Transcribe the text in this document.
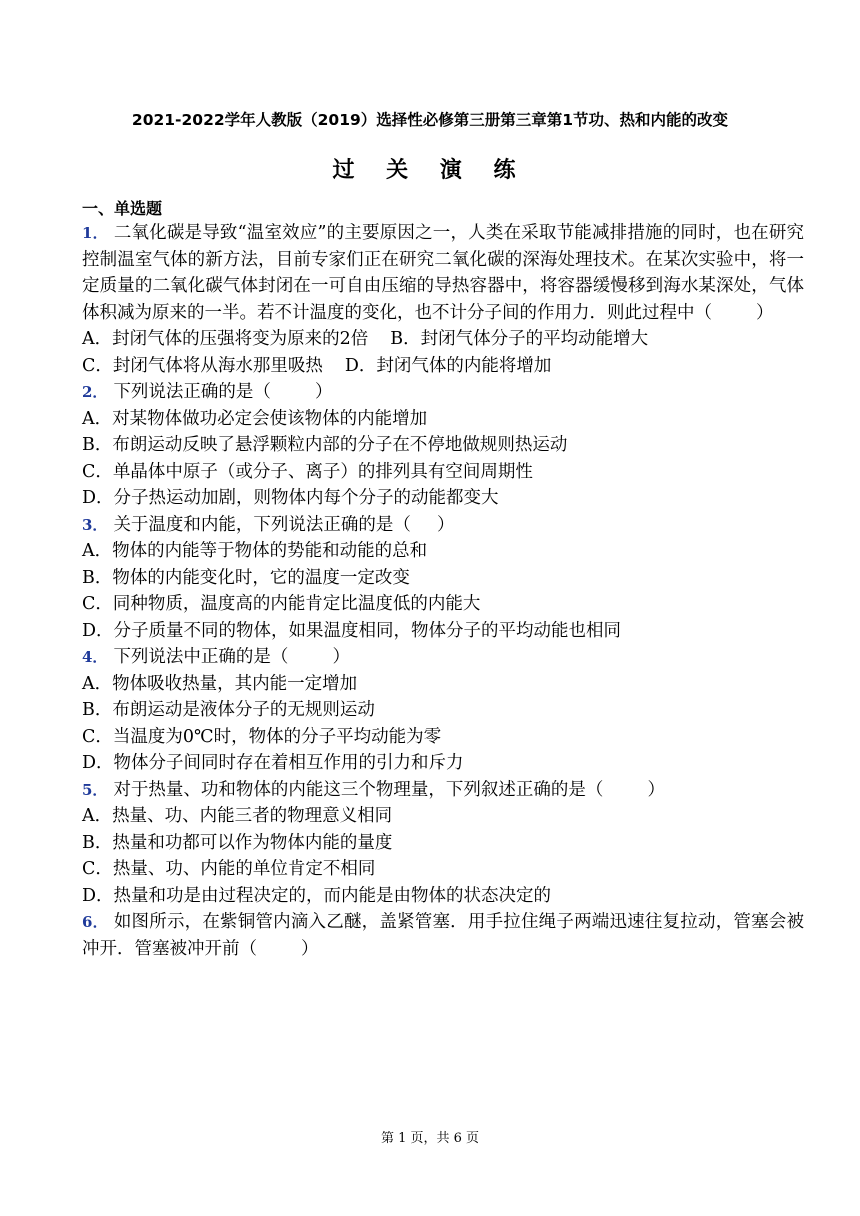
2021-2022学年人教版（2019）选择性必修第三册第三章第1节功、热和内能的改变
过 关 演 练
一、单选题

1． 二氧化碳是导致“温室效应”的主要原因之一，人类在采取节能减排措施的同时，也在研究控制温室气体的新方法，目前专家们正在研究二氧化碳的深海处理技术。在某次实验中，将一定质量的二氧化碳气体封闭在一可自由压缩的导热容器中，将容器缓慢移到海水某深处，气体体积减为原来的一半。若不计温度的变化，也不计分子间的作用力．则此过程中（	）

A．封闭气体的压强将变为原来的2倍 B．封闭气体分子的平均动能增大
C．封闭气体将从海水那里吸热 D．封闭气体的内能将增加

2． 下列说法正确的是（	）

A．对某物体做功必定会使该物体的内能增加

B．布朗运动反映了悬浮颗粒内部的分子在不停地做规则热运动

C．单晶体中原子（或分子、离子）的排列具有空间周期性

D．分子热运动加剧，则物体内每个分子的动能都变大

3． 关于温度和内能，下列说法正确的是（ ）

A．物体的内能等于物体的势能和动能的总和

B．物体的内能变化时，它的温度一定改变

C．同种物质，温度高的内能肯定比温度低的内能大

D．分子质量不同的物体，如果温度相同，物体分子的平均动能也相同

4． 下列说法中正确的是（	）

A．物体吸收热量，其内能一定增加

B．布朗运动是液体分子的无规则运动

C．当温度为0℃时，物体的分子平均动能为零

D．物体分子间同时存在着相互作用的引力和斥力

5． 对于热量、功和物体的内能这三个物理量，下列叙述正确的是（	）

A．热量、功、内能三者的物理意义相同

B．热量和功都可以作为物体内能的量度

C．热量、功、内能的单位肯定不相同

D．热量和功是由过程决定的，而内能是由物体的状态决定的

6． 如图所示，在紫铜管内滴入乙醚，盖紧管塞．用手拉住绳子两端迅速往复拉动，管塞会被冲开．管塞被冲开前（	）

第 1 页，共 6 页
